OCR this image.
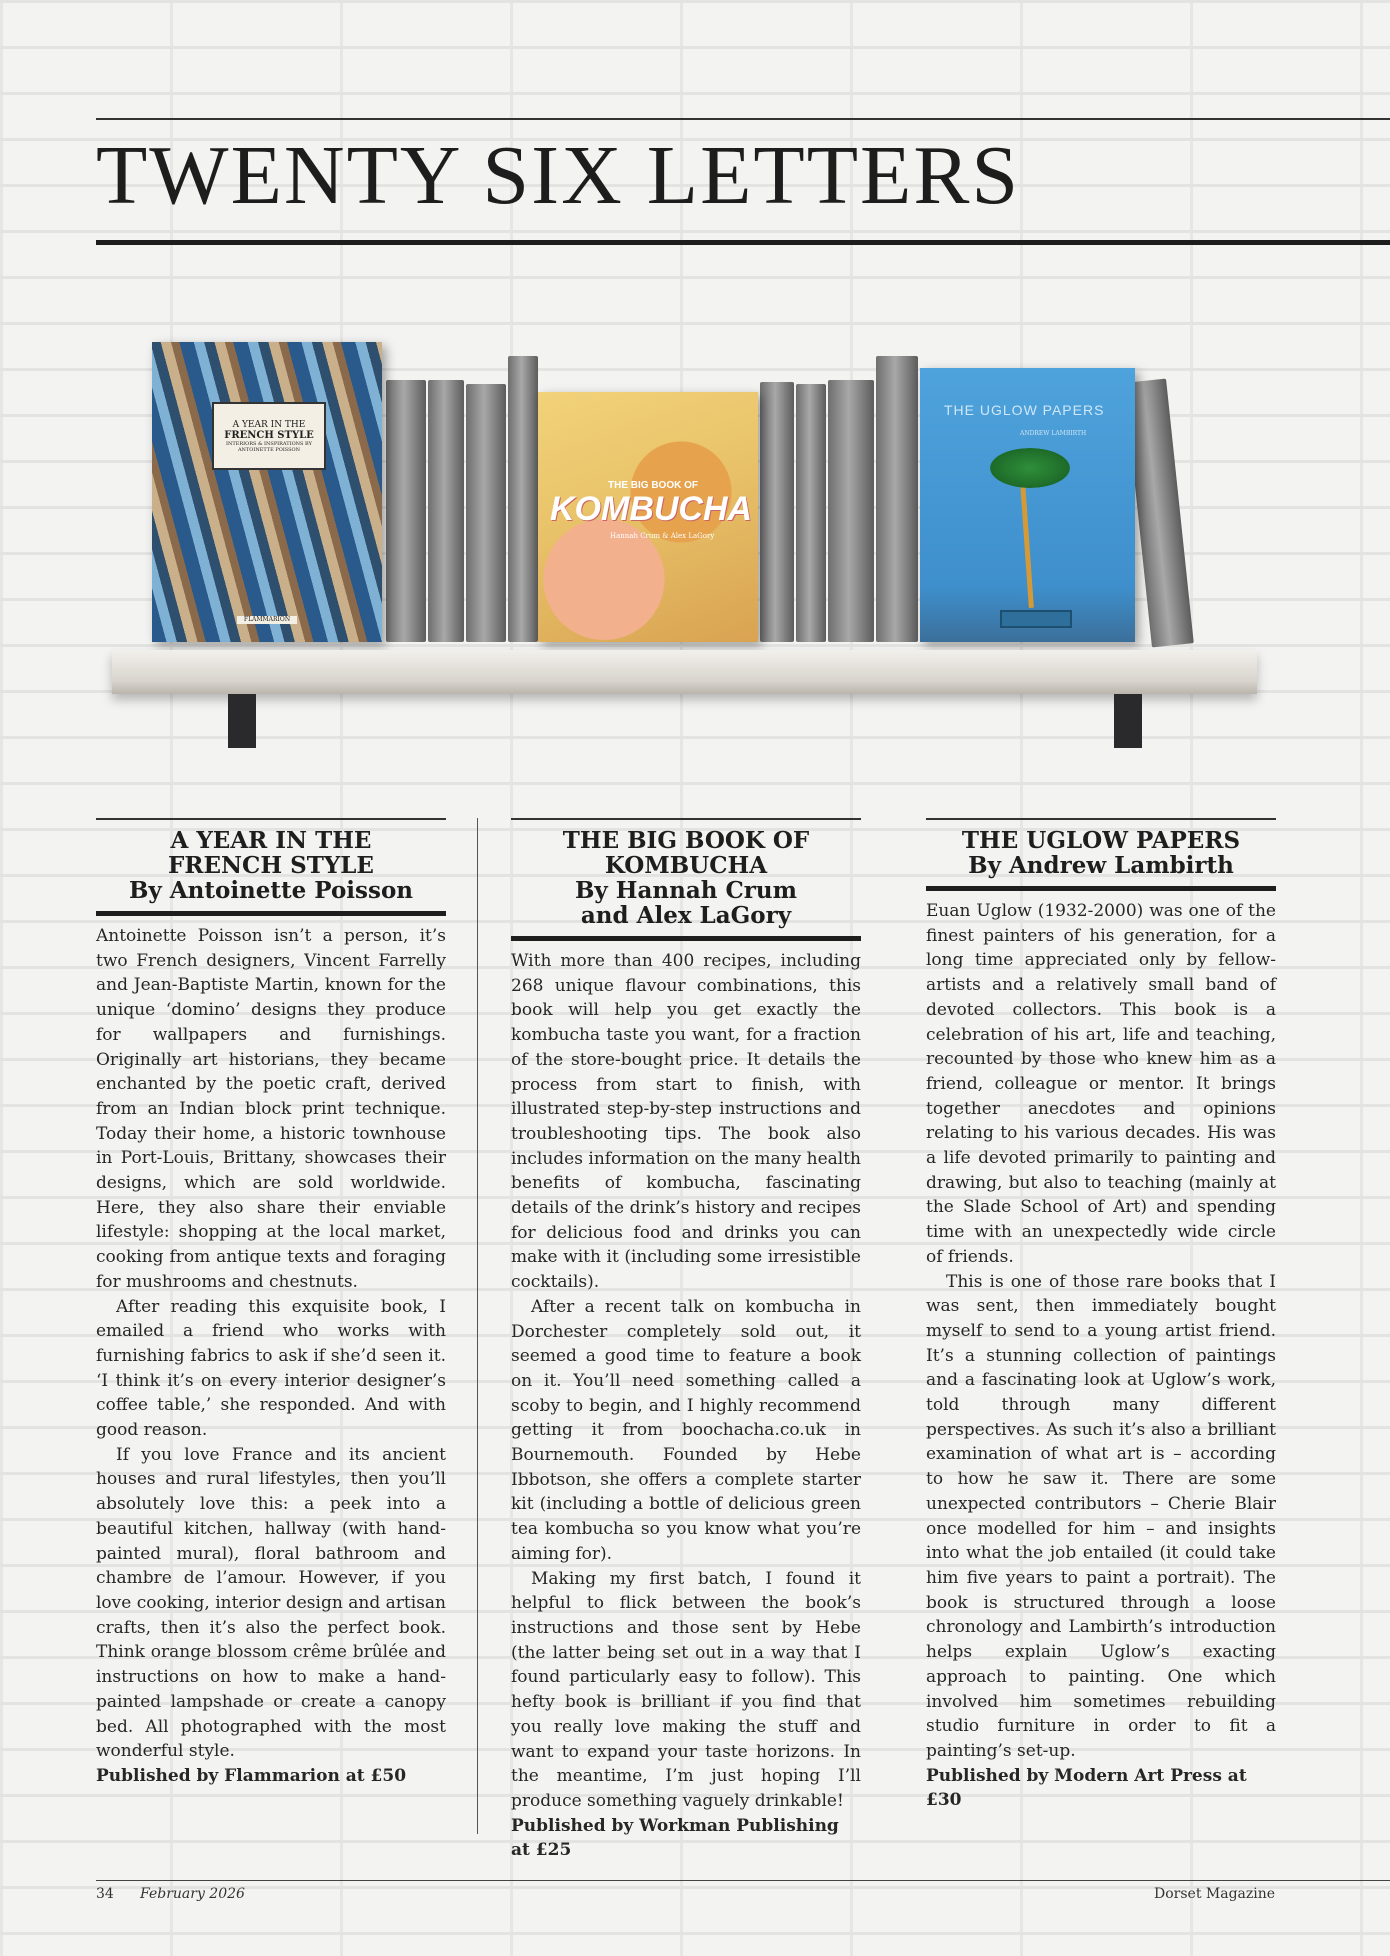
TWENTY SIX LETTERS
A YEAR IN THE
FRENCH STYLE
INTERIORS & INSPIRATIONS BY ANTOINETTE POISSON
FLAMMARION
THE BIG BOOK OF
KOMBUCHA
Hannah Crum & Alex LaGory
THE UGLOW PAPERS
ANDREW LAMBIRTH
A YEAR IN THE
FRENCH STYLE
By Antoinette Poisson

Antoinette Poisson isn’t a person, it’s two French designers, Vincent Farrelly and Jean-Baptiste Martin, known for the unique ‘domino’ designs they produce for wallpapers and furnishings. Originally art historians, they became enchanted by the poetic craft, derived from an Indian block print technique. Today their home, a historic townhouse in Port-Louis, Brittany, showcases their designs, which are sold worldwide. Here, they also share their enviable lifestyle: shopping at the local market, cooking from antique texts and foraging for mushrooms and chestnuts.

After reading this exquisite book, I emailed a friend who works with furnishing fabrics to ask if she’d seen it. ‘I think it’s on every interior designer’s coffee table,’ she responded. And with good reason.

If you love France and its ancient houses and rural lifestyles, then you’ll absolutely love this: a peek into a beautiful kitchen, hallway (with hand-painted mural), floral bathroom and chambre de l’amour. However, if you love cooking, interior design and artisan crafts, then it’s also the perfect book. Think orange blossom crême brûlée and instructions on how to make a hand-painted lampshade or create a canopy bed. All photographed with the most wonderful style.

Published by Flammarion at £50

THE BIG BOOK OF
KOMBUCHA
By Hannah Crum
and Alex LaGory

With more than 400 recipes, including 268 unique flavour combinations, this book will help you get exactly the kombucha taste you want, for a fraction of the store-bought price. It details the process from start to finish, with illustrated step-by-step instructions and troubleshooting tips. The book also includes information on the many health benefits of kombucha, fascinating details of the drink’s history and recipes for delicious food and drinks you can make with it (including some irresistible cocktails).

After a recent talk on kombucha in Dorchester completely sold out, it seemed a good time to feature a book on it. You’ll need something called a scoby to begin, and I highly recommend getting it from boochacha.co.uk in Bournemouth. Founded by Hebe Ibbotson, she offers a complete starter kit (including a bottle of delicious green tea kombucha so you know what you’re aiming for).

Making my first batch, I found it helpful to flick between the book’s instructions and those sent by Hebe (the latter being set out in a way that I found particularly easy to follow). This hefty book is brilliant if you find that you really love making the stuff and want to expand your taste horizons. In the meantime, I’m just hoping I’ll produce something vaguely drinkable!

Published by Workman Publishing at £25

THE UGLOW PAPERS
By Andrew Lambirth

Euan Uglow (1932-2000) was one of the finest painters of his generation, for a long time appreciated only by fellow-artists and a relatively small band of devoted collectors. This book is a celebration of his art, life and teaching, recounted by those who knew him as a friend, colleague or mentor. It brings together anecdotes and opinions relating to his various decades. His was a life devoted primarily to painting and drawing, but also to teaching (mainly at the Slade School of Art) and spending time with an unexpectedly wide circle of friends.

This is one of those rare books that I was sent, then immediately bought myself to send to a young artist friend. It’s a stunning collection of paintings and a fascinating look at Uglow’s work, told through many different perspectives. As such it’s also a brilliant examination of what art is – according to how he saw it. There are some unexpected contributors – Cherie Blair once modelled for him – and insights into what the job entailed (it could take him five years to paint a portrait). The book is structured through a loose chronology and Lambirth’s introduction helps explain Uglow’s exacting approach to painting. One which involved him sometimes rebuilding studio furniture in order to fit a painting’s set-up.

Published by Modern Art Press at £30

34 February 2026	Dorset Magazine
